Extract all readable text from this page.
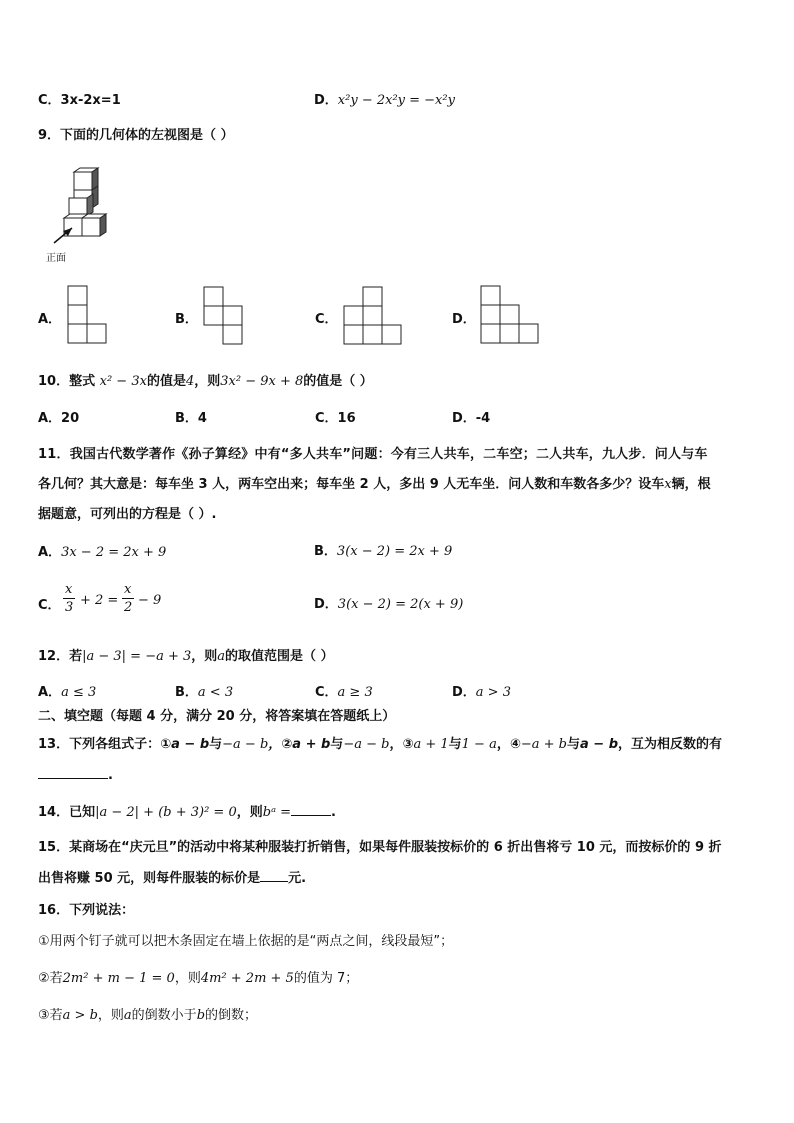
C．3x-2x=1	D．x²y − 2x²y = −x²y
9．下面的几何体的左视图是（ ）
正面
A．	B．	C．	D．
10．整式 x² − 3x的值是4，则3x² − 9x + 8的值是（ ）
A．20	B．4	C．16	D．-4
11．我国古代数学著作《孙子算经》中有“多人共车”问题：今有三人共车，二车空；二人共车，九人步．问人与车
各几何？其大意是：每车坐 3 人，两车空出来；每车坐 2 人，多出 9 人无车坐．问人数和车数各多少？设车x辆，根
据题意，可列出的方程是（ ）.
A．3x − 2 = 2x + 9	B．3(x − 2) = 2x + 9
C．
x
3 + 2 =
x
2 − 9	D．3(x − 2) = 2(x + 9)
12．若|a − 3| = −a + 3，则a的取值范围是（ ）
A．a ≤ 3	B．a < 3	C．a ≥ 3	D．a > 3
二、填空题（每题 4 分，满分 20 分，将答案填在答题纸上）
13．下列各组式子：①a − b与−a − b，②a + b与−a − b，③a + 1与1 − a，④−a + b与a − b，互为相反数的有
.
14．已知|a − 2| + (b + 3)² = 0，则bᵃ =	.
15．某商场在“庆元旦”的活动中将某种服装打折销售，如果每件服装按标价的 6 折出售将亏 10 元，而按标价的 9 折
出售将赚 50 元，则每件服装的标价是 元.
16．下列说法：
①用两个钉子就可以把木条固定在墙上依据的是“两点之间，线段最短”；
②若2m² + m − 1 = 0，则4m² + 2m + 5的值为 7；
③若a > b，则a的倒数小于b的倒数；
